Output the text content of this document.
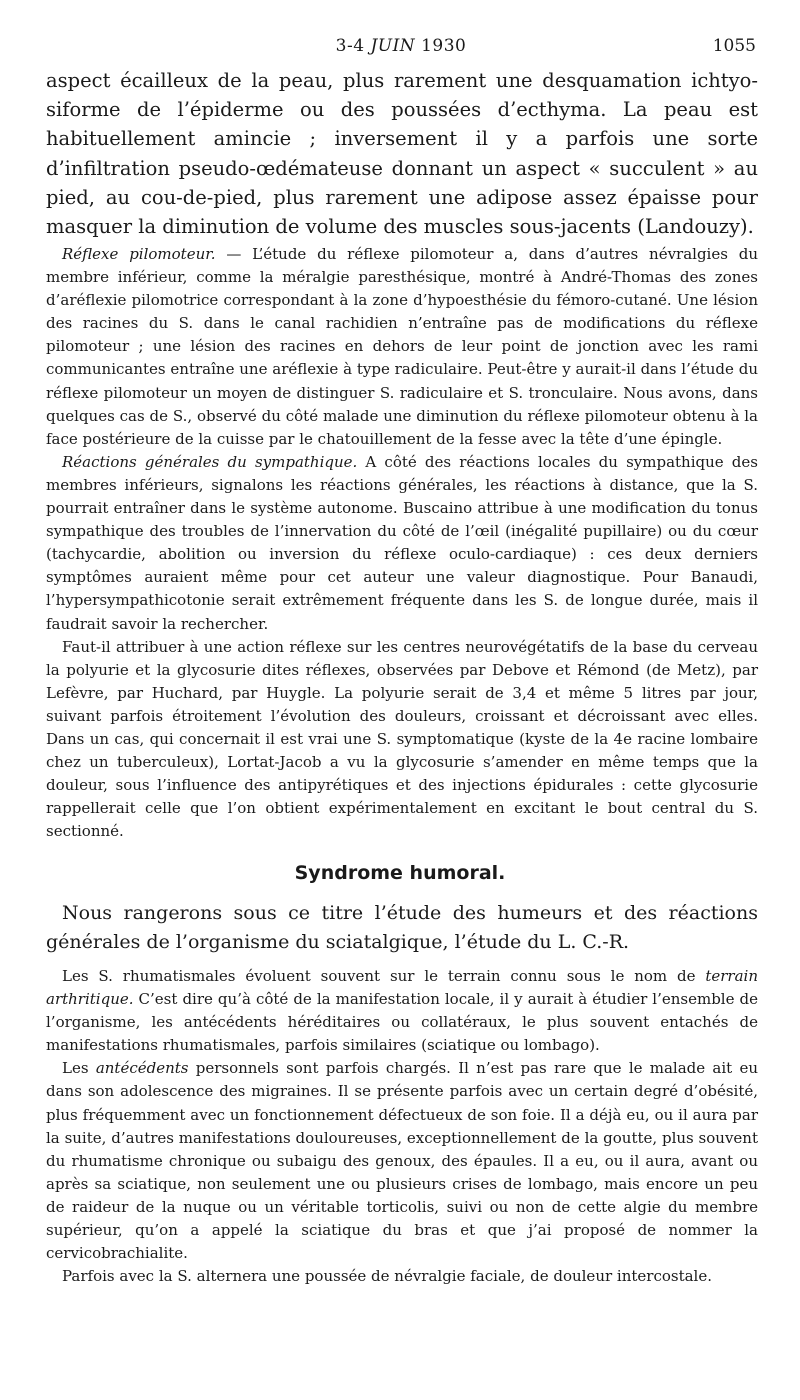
3-4 JUIN 1930	1055

aspect écailleux de la peau, plus rarement une desquamation ichtyo-siforme de l’épiderme ou des poussées d’ecthyma. La peau est habituellement amincie ; inversement il y a parfois une sorte d’infiltration pseudo-œdémateuse donnant un aspect « succulent » au pied, au cou-de-pied, plus rarement une adipose assez épaisse pour masquer la diminution de volume des muscles sous-jacents (Landouzy).

Réflexe pilomoteur. — L’étude du réflexe pilomoteur a, dans d’autres névralgies du membre inférieur, comme la méralgie paresthésique, montré à André-Thomas des zones d’aréflexie pilomotrice correspondant à la zone d’hypoesthésie du fémoro-cutané. Une lésion des racines du S. dans le canal rachidien n’entraîne pas de modifications du réflexe pilomoteur ; une lésion des racines en dehors de leur point de jonction avec les rami communicantes entraîne une aréflexie à type radiculaire. Peut-être y aurait-il dans l’étude du réflexe pilomoteur un moyen de distinguer S. radiculaire et S. tronculaire. Nous avons, dans quelques cas de S., observé du côté malade une diminution du réflexe pilomoteur obtenu à la face postérieure de la cuisse par le chatouillement de la fesse avec la tête d’une épingle.

Réactions générales du sympathique. A côté des réactions locales du sympathique des membres inférieurs, signalons les réactions générales, les réactions à distance, que la S. pourrait entraîner dans le système autonome. Buscaino attribue à une modification du tonus sympathique des troubles de l’innervation du côté de l’œil (inégalité pupillaire) ou du cœur (tachycardie, abolition ou inversion du réflexe oculo-cardiaque) : ces deux derniers symptômes auraient même pour cet auteur une valeur diagnostique. Pour Banaudi, l’hypersympathicotonie serait extrêmement fréquente dans les S. de longue durée, mais il faudrait savoir la rechercher.

Faut-il attribuer à une action réflexe sur les centres neurovégétatifs de la base du cerveau la polyurie et la glycosurie dites réflexes, observées par Debove et Rémond (de Metz), par Lefèvre, par Huchard, par Huygle. La polyurie serait de 3,4 et même 5 litres par jour, suivant parfois étroitement l’évolution des douleurs, croissant et décroissant avec elles. Dans un cas, qui concernait il est vrai une S. symptomatique (kyste de la 4e racine lombaire chez un tuberculeux), Lortat-Jacob a vu la glycosurie s’amender en même temps que la douleur, sous l’influence des antipyrétiques et des injections épidurales : cette glycosurie rappellerait celle que l’on obtient expérimentalement en excitant le bout central du S. sectionné.

Syndrome humoral.

Nous rangerons sous ce titre l’étude des humeurs et des réactions générales de l’organisme du sciatalgique, l’étude du L. C.-R.

Les S. rhumatismales évoluent souvent sur le terrain connu sous le nom de terrain arthritique. C’est dire qu’à côté de la manifestation locale, il y aurait à étudier l’ensemble de l’organisme, les antécédents héréditaires ou collatéraux, le plus souvent entachés de manifestations rhumatismales, parfois similaires (sciatique ou lombago).

Les antécédents personnels sont parfois chargés. Il n’est pas rare que le malade ait eu dans son adolescence des migraines. Il se présente parfois avec un certain degré d’obésité, plus fréquemment avec un fonctionnement défectueux de son foie. Il a déjà eu, ou il aura par la suite, d’autres manifestations douloureuses, exceptionnellement de la goutte, plus souvent du rhumatisme chronique ou subaigu des genoux, des épaules. Il a eu, ou il aura, avant ou après sa sciatique, non seulement une ou plusieurs crises de lombago, mais encore un peu de raideur de la nuque ou un véritable torticolis, suivi ou non de cette algie du membre supérieur, qu’on a appelé la sciatique du bras et que j’ai proposé de nommer la cervicobrachialite.

Parfois avec la S. alternera une poussée de névralgie faciale, de douleur intercostale.
